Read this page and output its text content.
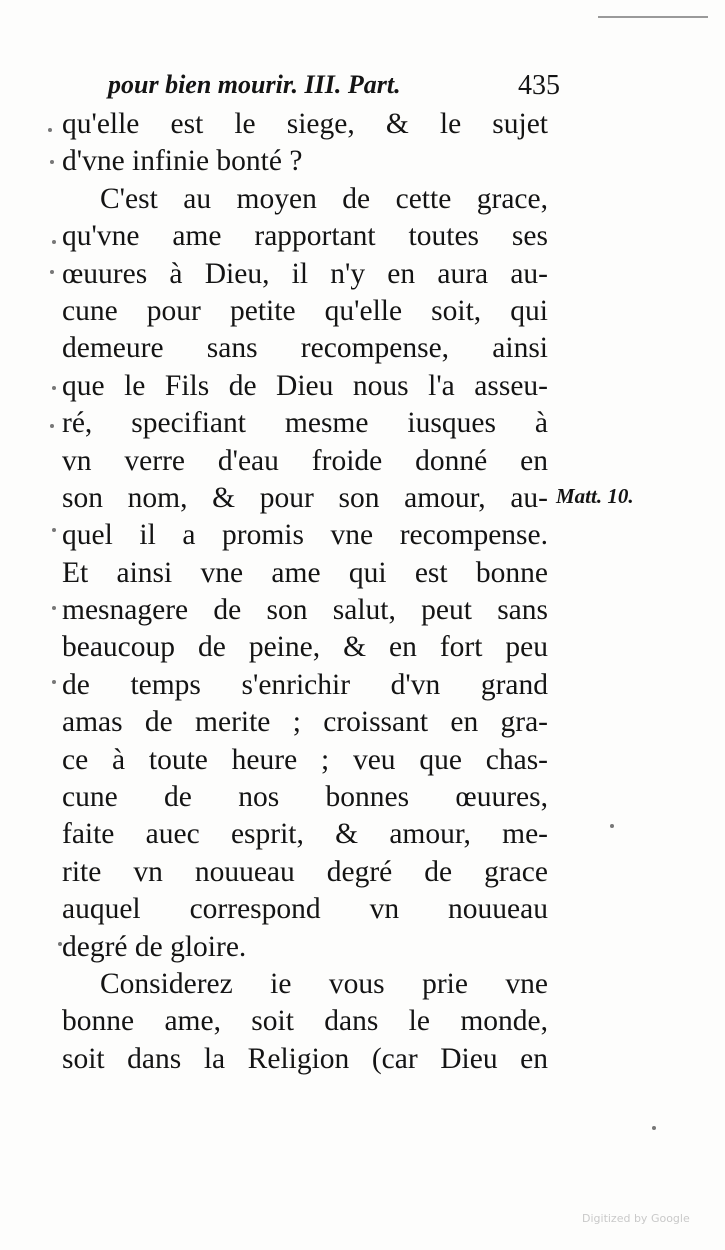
pour bien mourir. III. Part.	435
qu'elle est le siege, & le sujet
d'vne infinie bonté ?
C'est au moyen de cette grace,
qu'vne ame rapportant toutes ses
œuures à Dieu, il n'y en aura au-
cune pour petite qu'elle soit, qui
demeure sans recompense, ainsi
que le Fils de Dieu nous l'a asseu-
ré, specifiant mesme iusques à
vn verre d'eau froide donné en
son nom, & pour son amour, au-
quel il a promis vne recompense.
Et ainsi vne ame qui est bonne
mesnagere de son salut, peut sans
beaucoup de peine, & en fort peu
de temps s'enrichir d'vn grand
amas de merite ; croissant en gra-
ce à toute heure ; veu que chas-
cune de nos bonnes œuures,
faite auec esprit, & amour, me-
rite vn nouueau degré de grace
auquel correspond vn nouueau
degré de gloire.
Considerez ie vous prie vne
bonne ame, soit dans le monde,
soit dans la Religion (car Dieu en
Matt. 10.
Digitized by Google
